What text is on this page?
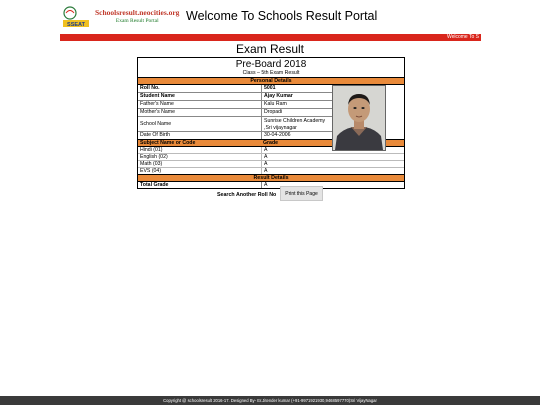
SSEAT
Schoolsresult.neocities.org
Exam Result Portal	Welcome To Schools Result Portal
Welcome To S
Exam Result
Pre-Board 2018
Class – 5th Exam Result
Personal Details
Roll No.	5001
Student Name	Ajay Kumar
Father's Name	Kalu Ram
Mother's Name	Dropadi
School Name	Sunrise Children Academy
,Sri vijaynagar
Date Of Birth	30-04-2006
Subject Name or Code	Grade
Hindi (01)	A
English (02)	A
Math (03)	A
EVS (04)	A
Result Details
Total Grade	A
Search Another Roll No	Print this Page
Copyright @ schoolsresult 2016-17. Designed By- Er.Jitender kumar (+91-9971921930,9468597770)Sri VijayNagar
